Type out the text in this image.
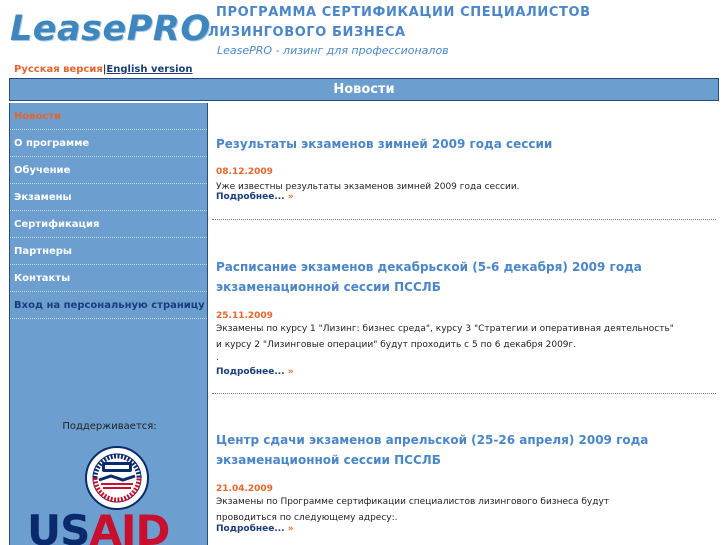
LeasePRO
Русская версия|English version
ПРОГРАММА СЕРТИФИКАЦИИ СПЕЦИАЛИСТОВ
ЛИЗИНГОВОГО БИЗНЕСА
LeasePRO - лизинг для профессионалов
Новости
Новости
О программе
Обучение
Экзамены
Сертификация
Партнеры
Контакты
Вход на персональную страницу
Поддерживается:
USAID
Результаты экзаменов зимней 2009 года сессии
08.12.2009
Уже известны результаты экзаменов зимней 2009 года сессии.
Подробнее... »
Расписание экзаменов декабрьской (5-6 декабря) 2009 года
экзаменационной сессии ПССЛБ
25.11.2009
Экзамены по курсу 1 "Лизинг: бизнес среда", курсу 3 "Стратегии и оперативная деятельность"
и курсу 2 "Лизинговые операции" будут проходить с 5 по 6 декабря 2009г.
.
Подробнее... »
Центр сдачи экзаменов апрельской (25-26 апреля) 2009 года
экзаменационной сессии ПССЛБ
21.04.2009
Экзамены по Программе сертификации специалистов лизингового бизнеса будут
проводиться по следующему адресу:.
Подробнее... »
